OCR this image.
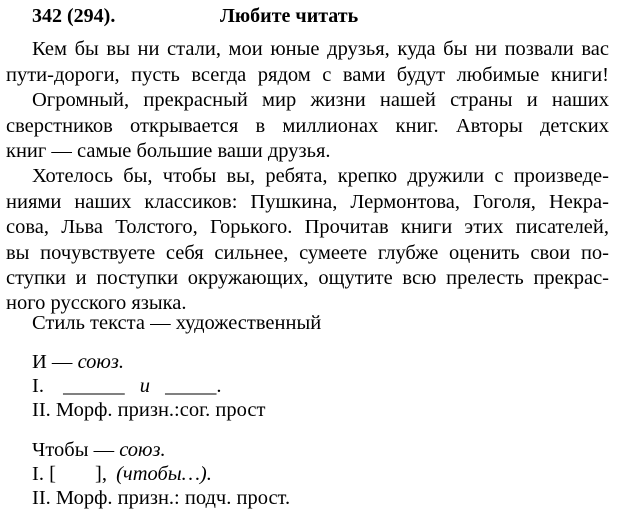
342 (294).	Любите читать
Кем бы вы ни стали, мои юные друзья, куда бы ни позвали вас
пути-дороги, пусть всегда рядом с вами будут любимые книги!
Огромный, прекрасный мир жизни нашей страны и наших
сверстников открывается в миллионах книг. Авторы детских
книг — самые большие ваши друзья.
Хотелось бы, чтобы вы, ребята, крепко дружили с произведе-
ниями наших классиков: Пушкина, Лермонтова, Гоголя, Некра-
сова, Льва Толстого, Горького. Прочитав книги этих писателей,
вы почувствуете себя сильнее, сумеете глубже оценить свои по-
ступки и поступки окружающих, ощутите всю прелесть прекрас-
ного русского языка.
Стиль текста — художественный
И — союз.
I. ______ и _____.
II. Морф. призн.:сог. прост
Чтобы — союз.
I. [ ], (чтобы…).
II. Морф. призн.: подч. прост.
